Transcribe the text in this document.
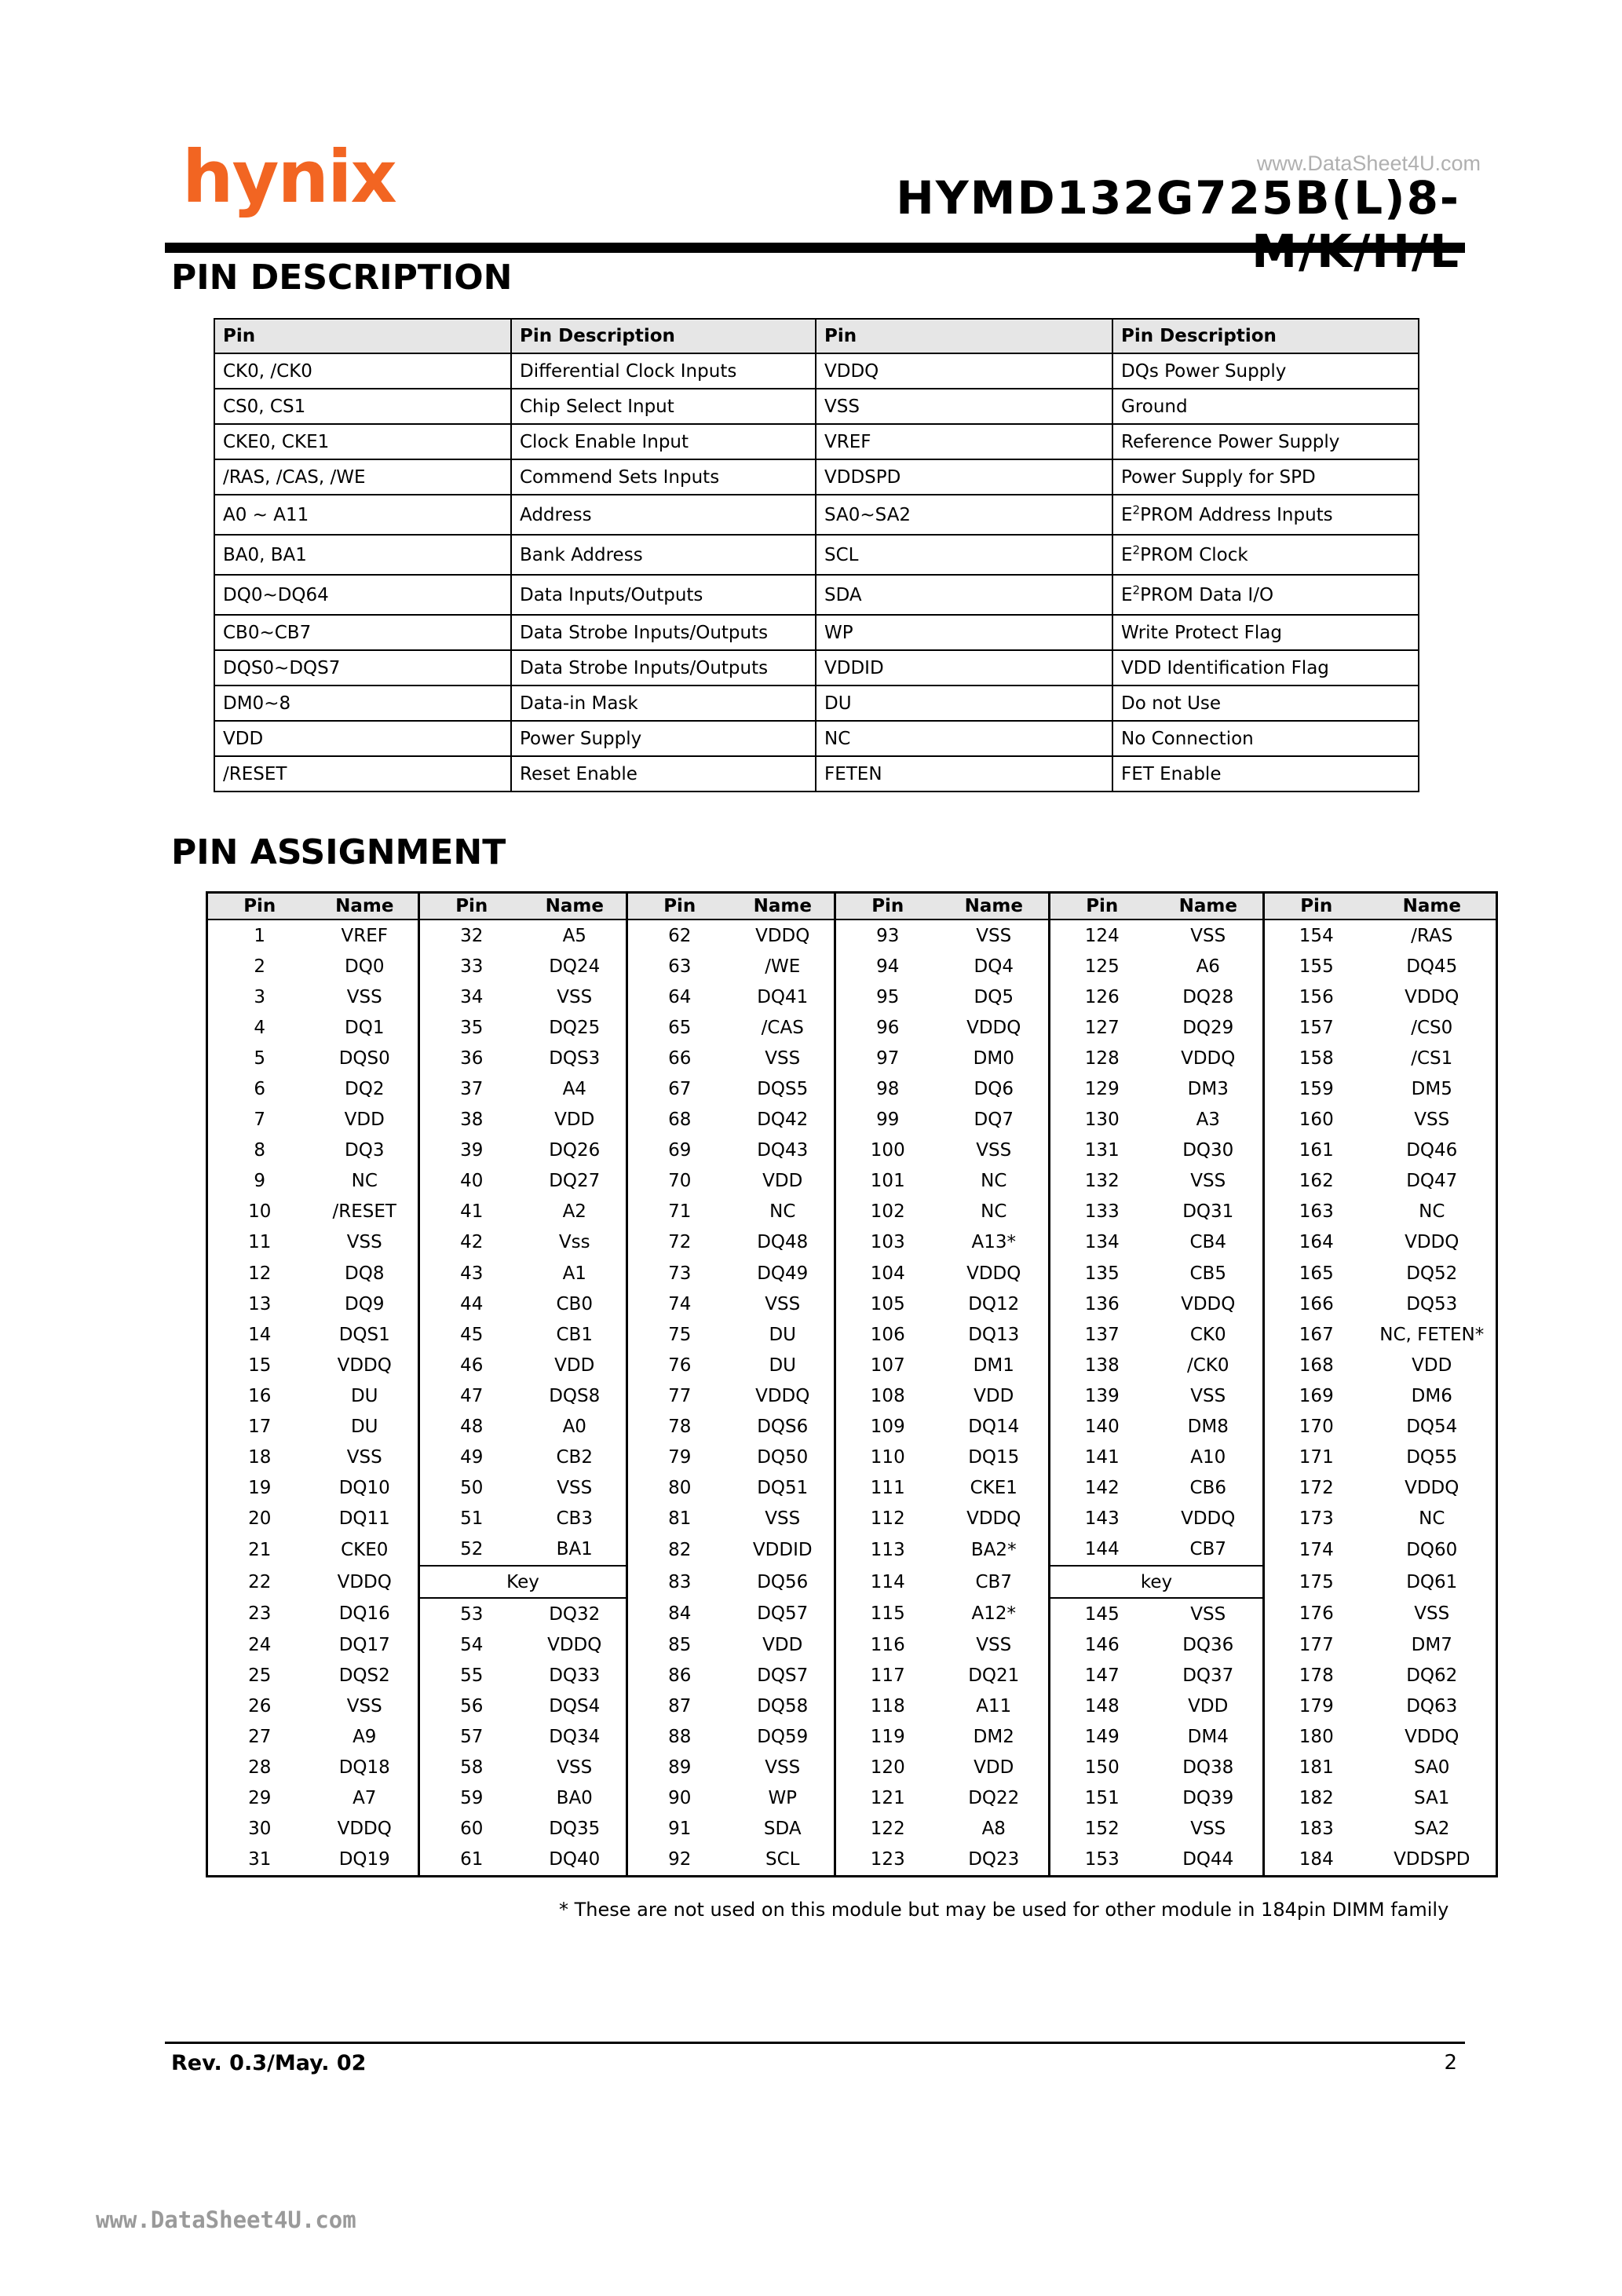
www.DataSheet4U.com
hynix	HYMD132G725B(L)8-
PIN DESCRIPTION
Pin	Pin Description	Pin	Pin Description
CK0, /CK0	Differential Clock Inputs	VDDQ	DQs Power Supply
CS0, CS1	Chip Select Input	VSS	Ground
CKE0, CKE1	Clock Enable Input	VREF	Reference Power Supply
/RAS, /CAS, /WE	Commend Sets Inputs	VDDSPD	Power Supply for SPD
A0 ~ A11	Address	SA0~SA2	$E^2PROM$ Address Inputs
BA0, BA1	Bank Address	SCL	$E^2PROM$ Clock
DQ0~DQ64	Data Inputs/Outputs	SDA	$E^2PROM$ Data I/O
CB0~CB7	Data Strobe Inputs/Outputs	WP	Write Protect Flag
DQS0~DQS7	Data Strobe Inputs/Outputs	VDDID	VDD Identification Flag
DM0~8	Data-in Mask	DU	Do not Use
VDD	Power Supply	NC	No Connection
/RESET	Reset Enable	FETEN	FET Enable
PIN ASSIGNMENT
Pin	Name	Pin	Name	Pin	Name	Pin	Name	Pin	Name	Pin	Name
1	VREF	32	A5	62	VDDQ	93	VSS	124	VSS	154	/RAS
2	DQ0	33	DQ24	63	/WE	94	DQ4	125	A6	155	DQ45
3	VSS	34	VSS	64	DQ41	95	DQ5	126	DQ28	156	VDDQ
4	DQ1	35	DQ25	65	/CAS	96	VDDQ	127	DQ29	157	/CS0
5	DQS0	36	DQS3	66	VSS	97	DM0	128	VDDQ	158	/CS1
6	DQ2	37	A4	67	DQS5	98	DQ6	129	DM3	159	DM5
7	VDD	38	VDD	68	DQ42	99	DQ7	130	A3	160	VSS
8	DQ3	39	DQ26	69	DQ43	100	VSS	131	DQ30	161	DQ46
9	NC	40	DQ27	70	VDD	101	NC	132	VSS	162	DQ47
10	/RESET	41	A2	71	NC	102	NC	133	DQ31	163	NC
11	VSS	42	Vss	72	DQ48	103	A13*	134	CB4	164	VDDQ
12	DQ8	43	A1	73	DQ49	104	VDDQ	135	CB5	165	DQ52
13	DQ9	44	CB0	74	VSS	105	DQ12	136	VDDQ	166	DQ53
14	DQS1	45	CB1	75	DU	106	DQ13	137	CK0	167	NC, FETEN*
15	VDDQ	46	VDD	76	DU	107	DM1	138	/CK0	168	VDD
16	DU	47	DQS8	77	VDDQ	108	VDD	139	VSS	169	DM6
17	DU	48	A0	78	DQS6	109	DQ14	140	DM8	170	DQ54
18	VSS	49	CB2	79	DQ50	110	DQ15	141	A10	171	DQ55
19	DQ10	50	VSS	80	DQ51	111	CKE1	142	CB6	172	VDDQ
20	DQ11	51	CB3	81	VSS	112	VDDQ	143	VDDQ	173	NC
21	CKE0	52	BA1	82	VDDID	113	BA2*	144	CB7	174	DQ60
22	VDDQ	Key		83	DQ56	114	CB7	key		175	DQ61
23	DQ16	53	DQ32	84	DQ57	115	A12*	145	VSS	176	VSS
24	DQ17	54	VDDQ	85	VDD	116	VSS	146	DQ36	177	DM7
25	DQS2	55	DQ33	86	DQS7	117	DQ21	147	DQ37	178	DQ62
26	VSS	56	DQS4	87	DQ58	118	A11	148	VDD	179	DQ63
27	A9	57	DQ34	88	DQ59	119	DM2	149	DM4	180	VDDQ
28	DQ18	58	VSS	89	VSS	120	VDD	150	DQ38	181	SA0
29	A7	59	BA0	90	WP	121	DQ22	151	DQ39	182	SA1
30	VDDQ	60	DQ35	91	SDA	122	A8	152	VSS	183	SA2
31	DQ19	61	DQ40	92	SCL	123	DQ23	153	DQ44	184	VDDSPD
* These are not used on this module but may be used for other module in 184pin DIMM family
Rev. 0.3/May. 02	2
www.DataSheet4U.com
